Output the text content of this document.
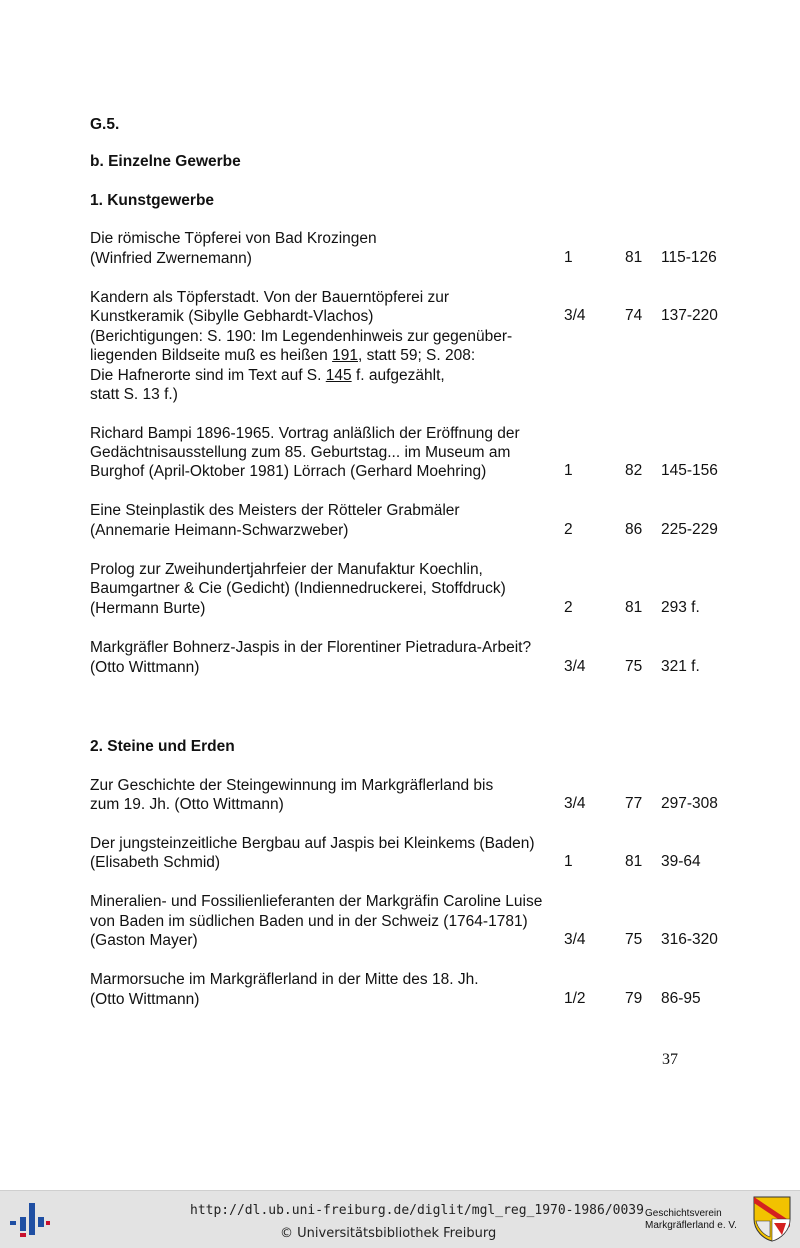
G.5.
b. Einzelne Gewerbe
1. Kunstgewerbe
Die römische Töpferei von Bad Krozingen
(Winfried Zwernemann)	1	81 115-126
Kandern als Töpferstadt. Von der Bauerntöpferei zur
Kunstkeramik (Sibylle Gebhardt-Vlachos)
(Berichtigungen: S. 190: Im Legendenhinweis zur gegenüber-
liegenden Bildseite muß es heißen 191, statt 59; S. 208:
Die Hafnerorte sind im Text auf S. 145 f. aufgezählt,
statt S. 13 f.)
3/4	74 137-220
Richard Bampi 1896-1965. Vortrag anläßlich der Eröffnung der
Gedächtnisausstellung zum 85. Geburtstag... im Museum am
Burghof (April-Oktober 1981) Lörrach (Gerhard Moehring)	1	82 145-156
Eine Steinplastik des Meisters der Rötteler Grabmäler
(Annemarie Heimann-Schwarzweber)	2	86 225-229
Prolog zur Zweihundertjahrfeier der Manufaktur Koechlin,
Baumgartner & Cie (Gedicht) (Indiennedruckerei, Stoffdruck)
(Hermann Burte)	2	81 293 f.
Markgräfler Bohnerz-Jaspis in der Florentiner Pietradura-Arbeit?
(Otto Wittmann)	3/4	75 321 f.
2. Steine und Erden
Zur Geschichte der Steingewinnung im Markgräflerland bis
zum 19. Jh. (Otto Wittmann)	3/4	77 297-308
Der jungsteinzeitliche Bergbau auf Jaspis bei Kleinkems (Baden)
(Elisabeth Schmid)	1	81 39-64
Mineralien- und Fossilienlieferanten der Markgräfin Caroline Luise
von Baden im südlichen Baden und in der Schweiz (1764-1781)
(Gaston Mayer)	3/4	75 316-320
Marmorsuche im Markgräflerland in der Mitte des 18. Jh.
(Otto Wittmann)	1/2	79 86-95
37
http://dl.ub.uni-freiburg.de/diglit/mgl_reg_1970-1986/0039
© Universitätsbibliothek Freiburg
Geschichtsverein
Markgräflerland e. V.
